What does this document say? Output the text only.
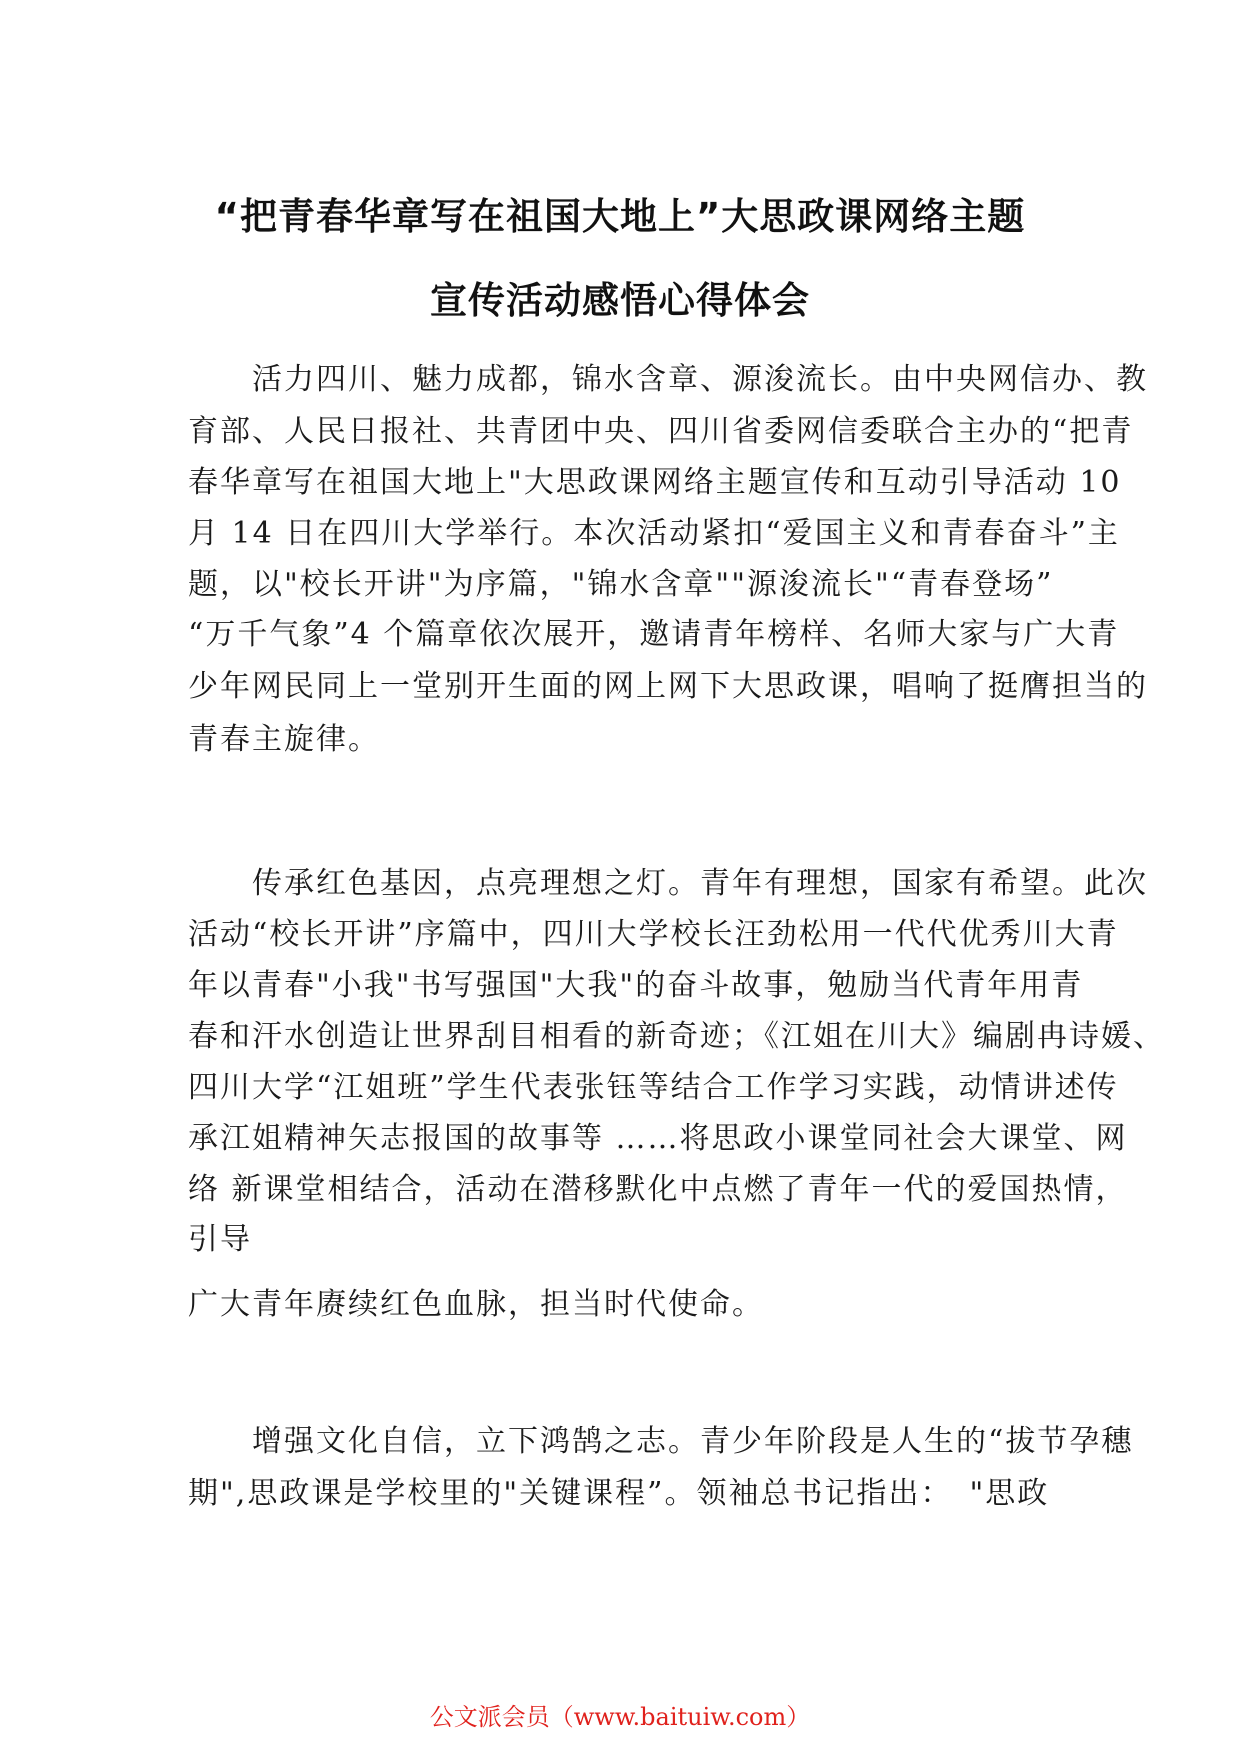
“把青春华章写在祖国大地上”大思政课网络主题
宣传活动感悟心得体会
　　活力四川、魅力成都，锦水含章、源浚流长。由中央网信办、教
育部、人民日报社、共青团中央、四川省委网信委联合主办的“把青
春华章写在祖国大地上"大思政课网络主题宣传和互动引导活动 10
月 14 日在四川大学举行。本次活动紧扣“爱国主义和青春奋斗”主
题，以"校长开讲"为序篇，"锦水含章""源浚流长"“青春登场”
“万千气象”4 个篇章依次展开，邀请青年榜样、名师大家与广大青
少年网民同上一堂别开生面的网上网下大思政课，唱响了挺膺担当的
青春主旋律。
　　传承红色基因，点亮理想之灯。青年有理想，国家有希望。此次
活动“校长开讲”序篇中，四川大学校长汪劲松用一代代优秀川大青
年以青春"小我"书写强国"大我"的奋斗故事，勉励当代青年用青
春和汗水创造让世界刮目相看的新奇迹；《江姐在川大》编剧冉诗媛、
四川大学“江姐班”学生代表张钰等结合工作学习实践，动情讲述传
承江姐精神矢志报国的故事等 ……将思政小课堂同社会大课堂、网
络 新课堂相结合，活动在潜移默化中点燃了青年一代的爱国热情，
引导
广大青年赓续红色血脉，担当时代使命。
　　增强文化自信，立下鸿鹄之志。青少年阶段是人生的“拔节孕穗
期",思政课是学校里的"关键课程”。领袖总书记指出：　"思政
公文派会员（www.baituiw.com）
